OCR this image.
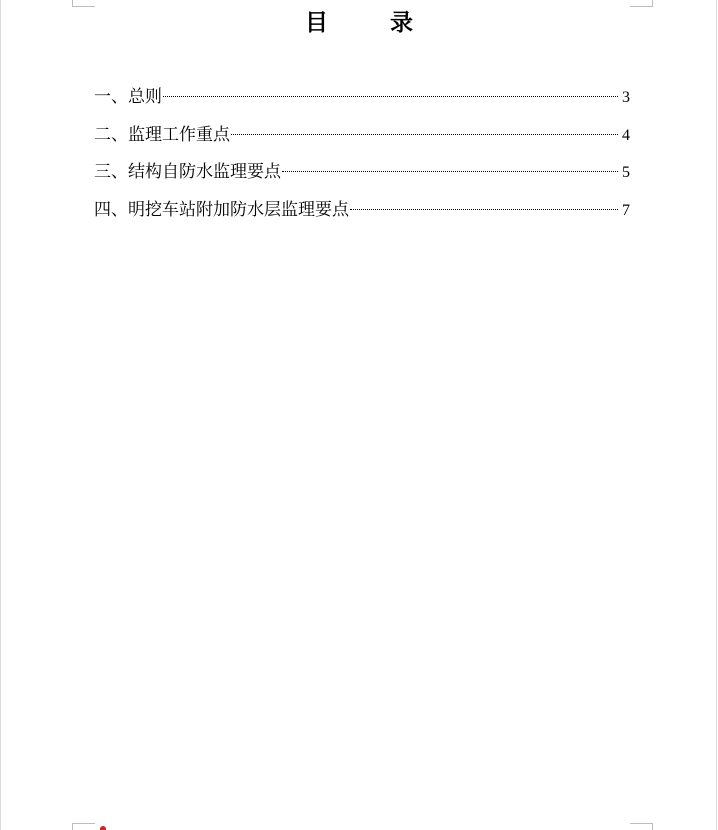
目	录
一、总则	3
二、监理工作重点	4
三、结构自防水监理要点	5
四、明挖车站附加防水层监理要点	7
